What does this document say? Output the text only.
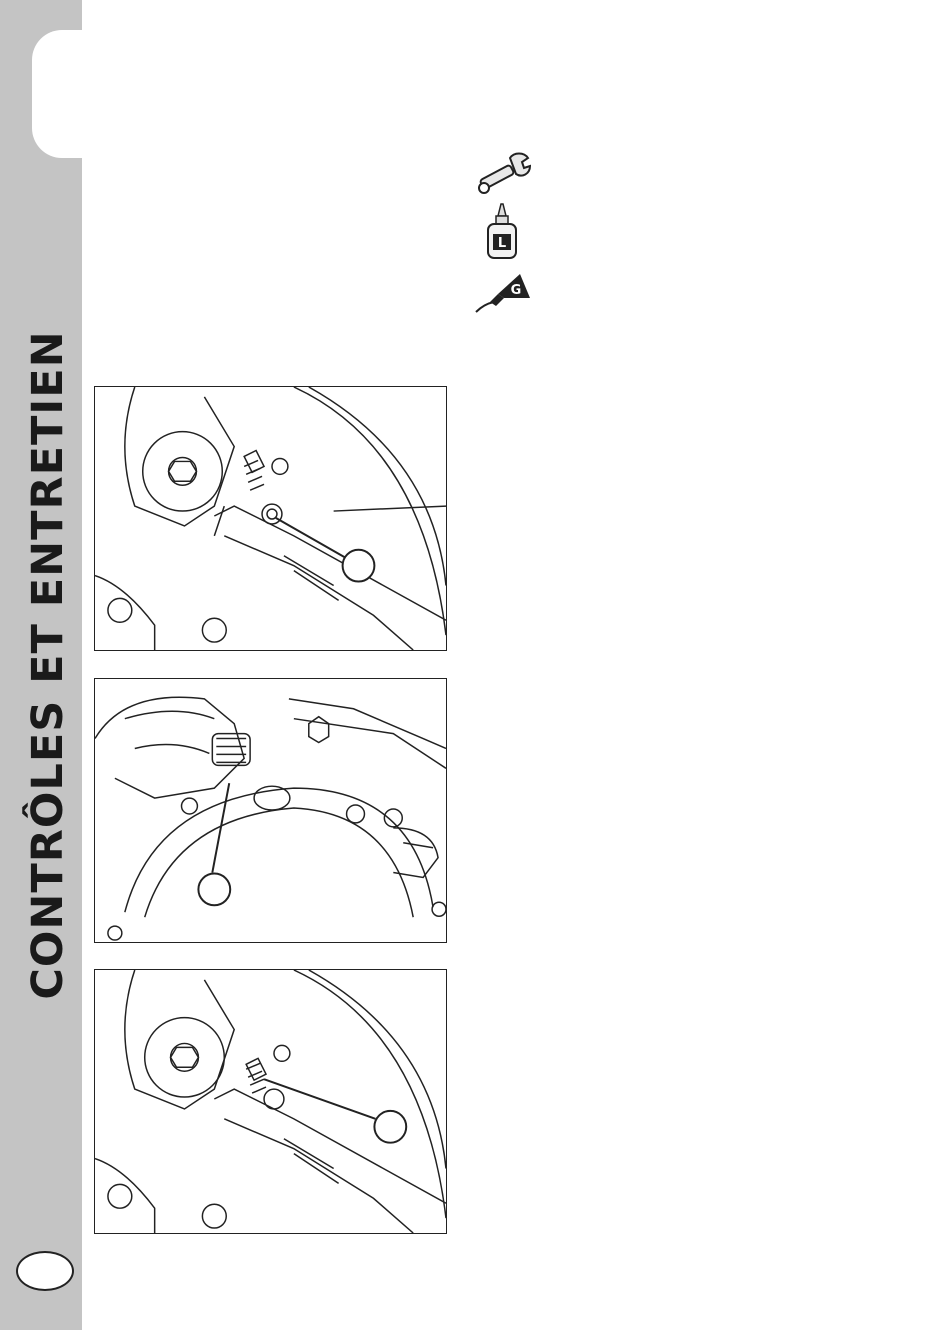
CONTRÔLES ET ENTRETIEN
L
G
